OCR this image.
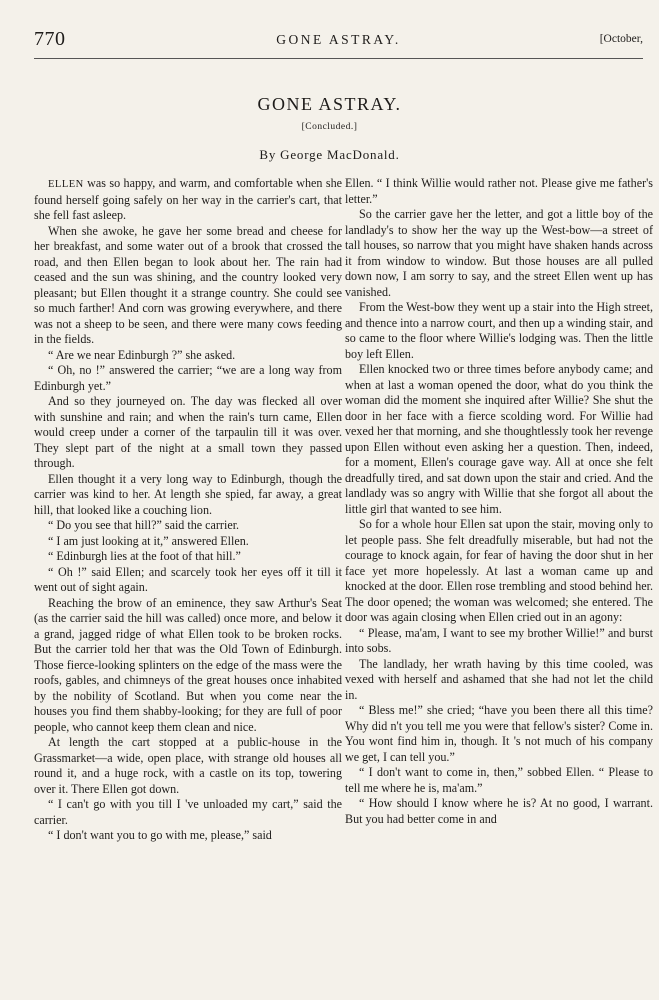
770	GONE ASTRAY.	[October,
GONE ASTRAY.
[Concluded.]
By George MacDonald.

ELLEN was so happy, and warm, and comfortable when she found herself going safely on her way in the carrier's cart, that she fell fast asleep.

When she awoke, he gave her some bread and cheese for her breakfast, and some water out of a brook that crossed the road, and then Ellen began to look about her. The rain had ceased and the sun was shining, and the country looked very pleasant; but Ellen thought it a strange country. She could see so much farther! And corn was growing everywhere, and there was not a sheep to be seen, and there were many cows feeding in the fields.

“ Are we near Edinburgh ?” she asked.

“ Oh, no !” answered the carrier; “we are a long way from Edinburgh yet.”

And so they journeyed on. The day was flecked all over with sunshine and rain; and when the rain's turn came, Ellen would creep under a corner of the tarpaulin till it was over. They slept part of the night at a small town they passed through.

Ellen thought it a very long way to Edinburgh, though the carrier was kind to her. At length she spied, far away, a great hill, that looked like a couching lion.

“ Do you see that hill?” said the carrier.

“ I am just looking at it,” answered Ellen.

“ Edinburgh lies at the foot of that hill.”

“ Oh !” said Ellen; and scarcely took her eyes off it till it went out of sight again.

Reaching the brow of an eminence, they saw Arthur's Seat (as the carrier said the hill was called) once more, and below it a grand, jagged ridge of what Ellen took to be broken rocks. But the carrier told her that was the Old Town of Edinburgh. Those fierce-looking splinters on the edge of the mass were the roofs, gables, and chimneys of the great houses once inhabited by the nobility of Scotland. But when you come near the houses you find them shabby-looking; for they are full of poor people, who cannot keep them clean and nice.

At length the cart stopped at a public-house in the Grassmarket—a wide, open place, with strange old houses all round it, and a huge rock, with a castle on its top, towering over it. There Ellen got down.

“ I can't go with you till I 've unloaded my cart,” said the carrier.

“ I don't want you to go with me, please,” said

Ellen. “ I think Willie would rather not. Please give me father's letter.”

So the carrier gave her the letter, and got a little boy of the landlady's to show her the way up the West-bow—a street of tall houses, so narrow that you might have shaken hands across it from window to window. But those houses are all pulled down now, I am sorry to say, and the street Ellen went up has vanished.

From the West-bow they went up a stair into the High street, and thence into a narrow court, and then up a winding stair, and so came to the floor where Willie's lodging was. Then the little boy left Ellen.

Ellen knocked two or three times before anybody came; and when at last a woman opened the door, what do you think the woman did the moment she inquired after Willie? She shut the door in her face with a fierce scolding word. For Willie had vexed her that morning, and she thoughtlessly took her revenge upon Ellen without even asking her a question. Then, indeed, for a moment, Ellen's courage gave way. All at once she felt dreadfully tired, and sat down upon the stair and cried. And the landlady was so angry with Willie that she forgot all about the little girl that wanted to see him.

So for a whole hour Ellen sat upon the stair, moving only to let people pass. She felt dreadfully miserable, but had not the courage to knock again, for fear of having the door shut in her face yet more hopelessly. At last a woman came up and knocked at the door. Ellen rose trembling and stood behind her. The door opened; the woman was welcomed; she entered. The door was again closing when Ellen cried out in an agony:

“ Please, ma'am, I want to see my brother Willie!” and burst into sobs.

The landlady, her wrath having by this time cooled, was vexed with herself and ashamed that she had not let the child in.

“ Bless me!” she cried; “have you been there all this time? Why did n't you tell me you were that fellow's sister? Come in. You wont find him in, though. It 's not much of his company we get, I can tell you.”

“ I don't want to come in, then,” sobbed Ellen. “ Please to tell me where he is, ma'am.”

“ How should I know where he is? At no good, I warrant. But you had better come in and
